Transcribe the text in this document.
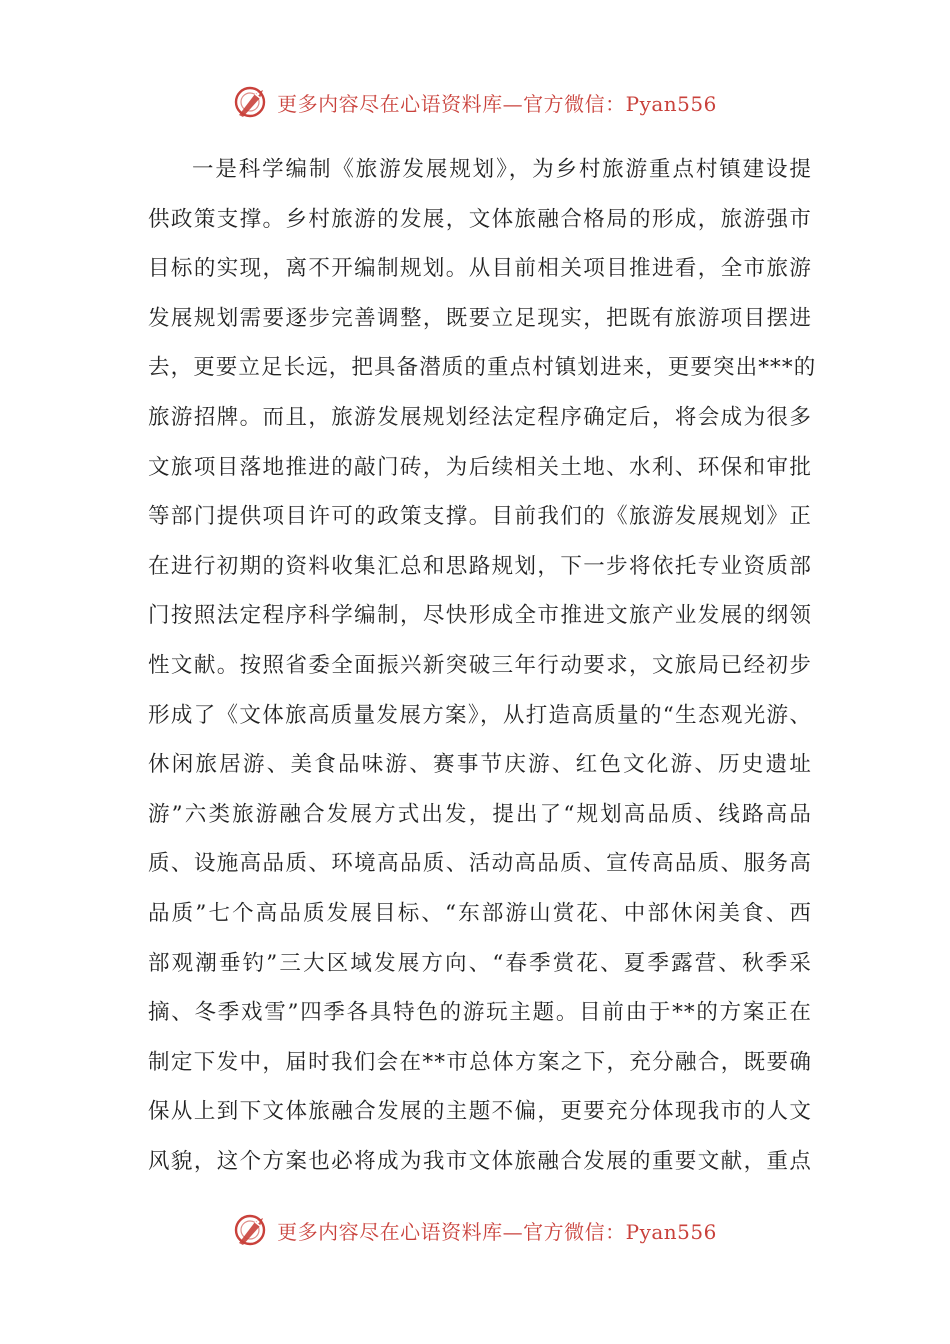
更多内容尽在心语资料库—官方微信：Pyan556
一是科学编制《旅游发展规划》，为乡村旅游重点村镇建设提
供政策支撑。乡村旅游的发展，文体旅融合格局的形成，旅游强市
目标的实现，离不开编制规划。从目前相关项目推进看，全市旅游
发展规划需要逐步完善调整，既要立足现实，把既有旅游项目摆进
去，更要立足长远，把具备潜质的重点村镇划进来，更要突出***的
旅游招牌。而且，旅游发展规划经法定程序确定后，将会成为很多
文旅项目落地推进的敲门砖，为后续相关土地、水利、环保和审批
等部门提供项目许可的政策支撑。目前我们的《旅游发展规划》正
在进行初期的资料收集汇总和思路规划，下一步将依托专业资质部
门按照法定程序科学编制，尽快形成全市推进文旅产业发展的纲领
性文献。按照省委全面振兴新突破三年行动要求，文旅局已经初步
形成了《文体旅高质量发展方案》，从打造高质量的“生态观光游、
休闲旅居游、美食品味游、赛事节庆游、红色文化游、历史遗址
游”六类旅游融合发展方式出发，提出了“规划高品质、线路高品
质、设施高品质、环境高品质、活动高品质、宣传高品质、服务高
品质”七个高品质发展目标、“东部游山赏花、中部休闲美食、西
部观潮垂钓”三大区域发展方向、“春季赏花、夏季露营、秋季采
摘、冬季戏雪”四季各具特色的游玩主题。目前由于**的方案正在
制定下发中，届时我们会在**市总体方案之下，充分融合，既要确
保从上到下文体旅融合发展的主题不偏，更要充分体现我市的人文
风貌，这个方案也必将成为我市文体旅融合发展的重要文献，重点
更多内容尽在心语资料库—官方微信：Pyan556
